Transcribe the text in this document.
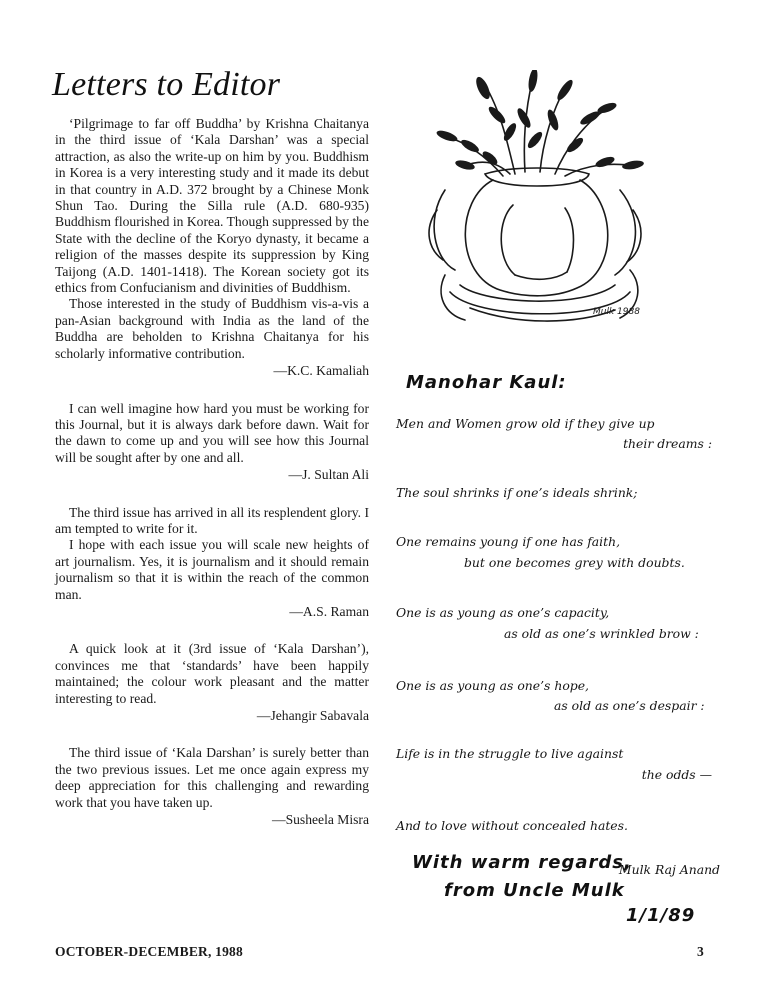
Letters to Editor

‘Pilgrimage to far off Buddha’ by Krishna Chaitanya in the third issue of ‘Kala Darshan’ was a special attraction, as also the write-up on him by you. Buddhism in Korea is a very interesting study and it made its debut in that country in A.D. 372 brought by a Chinese Monk Shun Tao. During the Silla rule (A.D. 680-935) Buddhism flourished in Korea. Though suppressed by the State with the decline of the Koryo dynasty, it became a religion of the masses despite its suppression by King Taijong (A.D. 1401-1418). The Korean society got its ethics from Confucianism and divinities of Buddhism.

Those interested in the study of Buddhism vis-a-vis a pan-Asian background with India as the land of the Buddha are beholden to Krishna Chaitanya for his scholarly informative contribution.

—K.C. Kamaliah

I can well imagine how hard you must be working for this Journal, but it is always dark before dawn. Wait for the dawn to come up and you will see how this Journal will be sought after by one and all.

—J. Sultan Ali

The third issue has arrived in all its resplendent glory. I am tempted to write for it.

I hope with each issue you will scale new heights of art journalism. Yes, it is journalism and it should remain journalism so that it is within the reach of the common man.

—A.S. Raman

A quick look at it (3rd issue of ‘Kala Darshan’), convinces me that ‘standards’ have been happily maintained; the colour work pleasant and the matter interesting to read.

—Jehangir Sabavala

The third issue of ‘Kala Darshan’ is surely better than the two previous issues. Let me once again express my deep appreciation for this challenging and rewarding work that you have taken up.

—Susheela Misra
Mulk 1988
Manohar Kaul:
Men and Women grow old if they give up
their dreams :
The soul shrinks if one’s ideals shrink;
One remains young if one has faith,
but one becomes grey with doubts.
One is as young as one’s capacity,
as old as one’s wrinkled brow :
One is as young as one’s hope,
as old as one’s despair :
Life is in the struggle to live against
the odds —
And to love without concealed hates.
With warm regards,
Mulk Raj Anand
from Uncle Mulk
1/1/89
OCTOBER-DECEMBER, 1988	3
